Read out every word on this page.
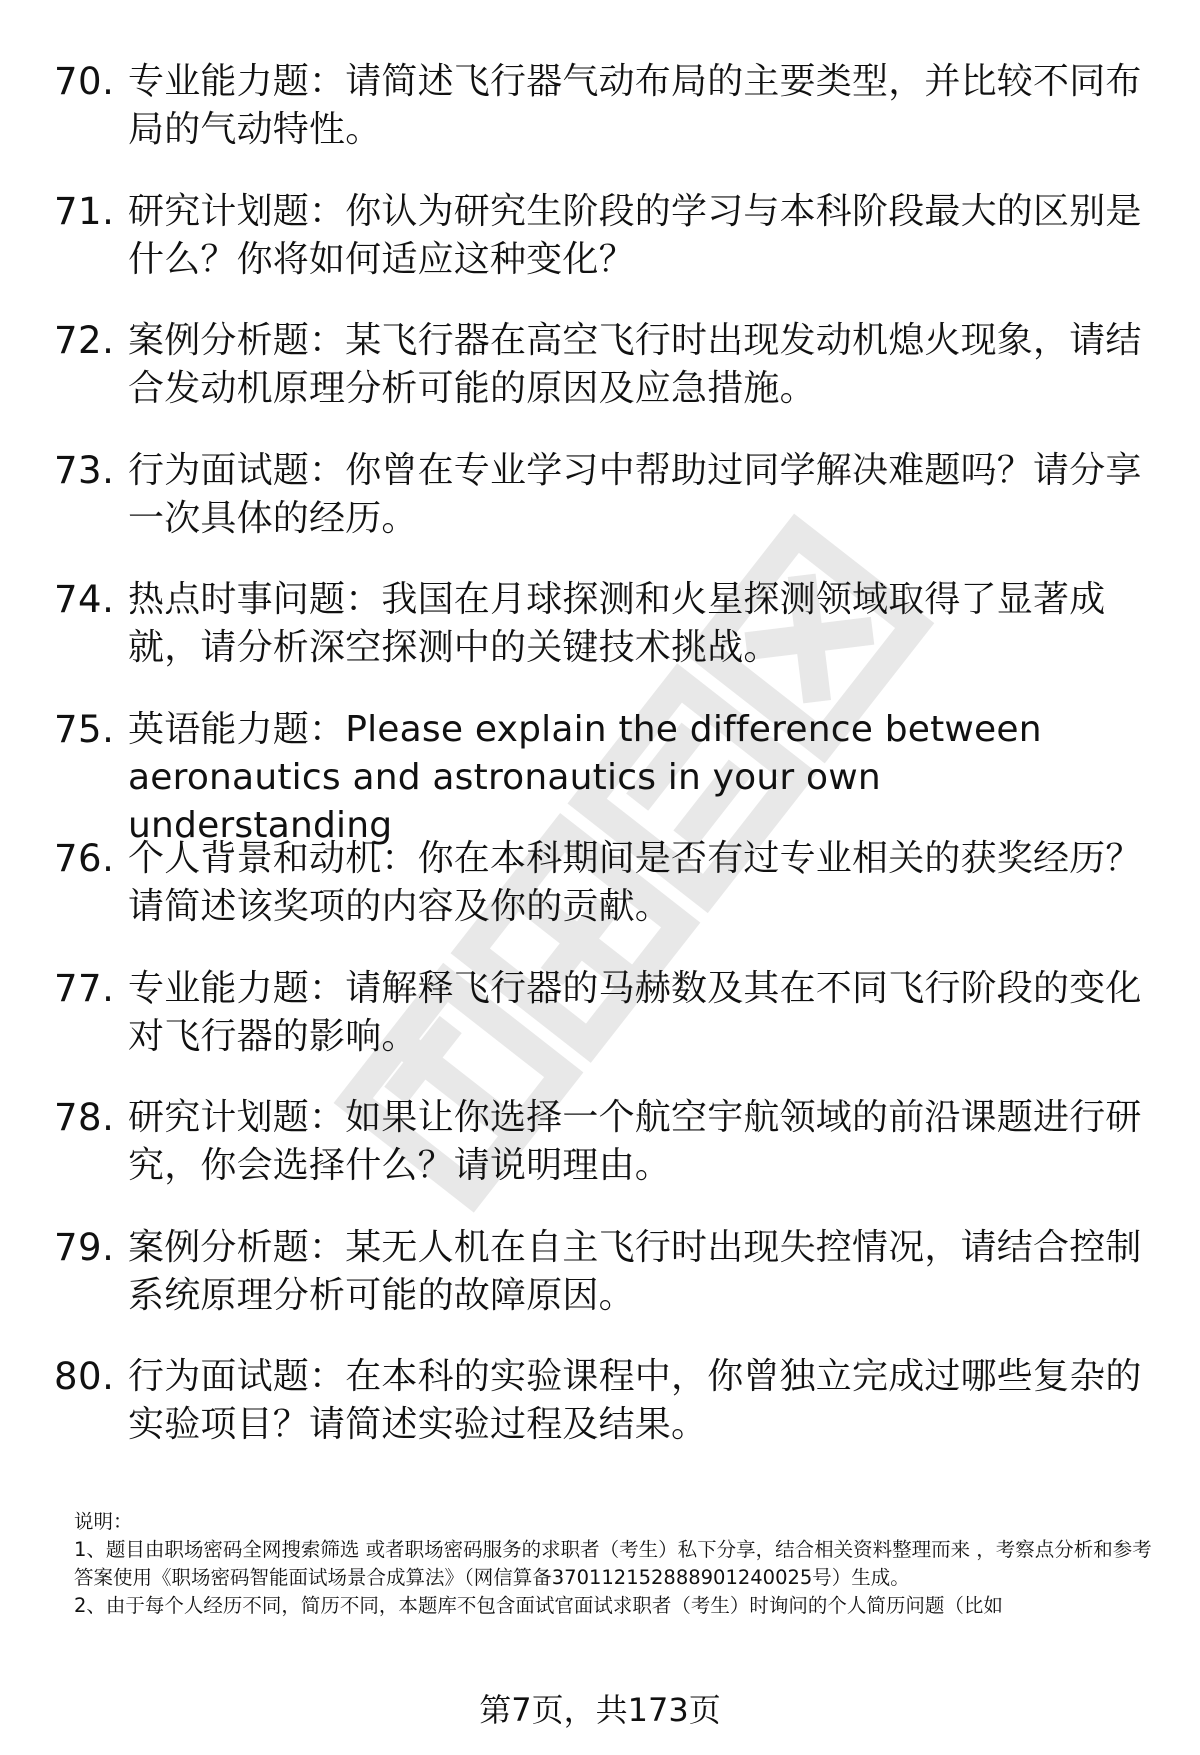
70. 专业能力题：请简述飞行器气动布局的主要类型，并比较不同布局的气动特性。
71. 研究计划题：你认为研究生阶段的学习与本科阶段最大的区别是什么？你将如何适应这种变化？
72. 案例分析题：某飞行器在高空飞行时出现发动机熄火现象，请结合发动机原理分析可能的原因及应急措施。
73. 行为面试题：你曾在专业学习中帮助过同学解决难题吗？请分享一次具体的经历。
74. 热点时事问题：我国在月球探测和火星探测领域取得了显著成就，请分析深空探测中的关键技术挑战。
75. 英语能力题：Please explain the difference between aeronautics and astronautics in your own understanding
76. 个人背景和动机：你在本科期间是否有过专业相关的获奖经历？请简述该奖项的内容及你的贡献。
77. 专业能力题：请解释飞行器的马赫数及其在不同飞行阶段的变化对飞行器的影响。
78. 研究计划题：如果让你选择一个航空宇航领域的前沿课题进行研究，你会选择什么？请说明理由。
79. 案例分析题：某无人机在自主飞行时出现失控情况，请结合控制系统原理分析可能的故障原因。
80. 行为面试题：在本科的实验课程中，你曾独立完成过哪些复杂的实验项目？请简述实验过程及结果。

说明：

1、题目由职场密码全网搜索筛选 或者职场密码服务的求职者（考生）私下分享，结合相关资料整理而来 ，考察点分析和参考答案使用《职场密码智能面试场景合成算法》（网信算备370112152888901240025号）生成。

2、由于每个人经历不同，简历不同，本题库不包含面试官面试求职者（考生）时询问的个人简历问题（比如

第7页，共173页
